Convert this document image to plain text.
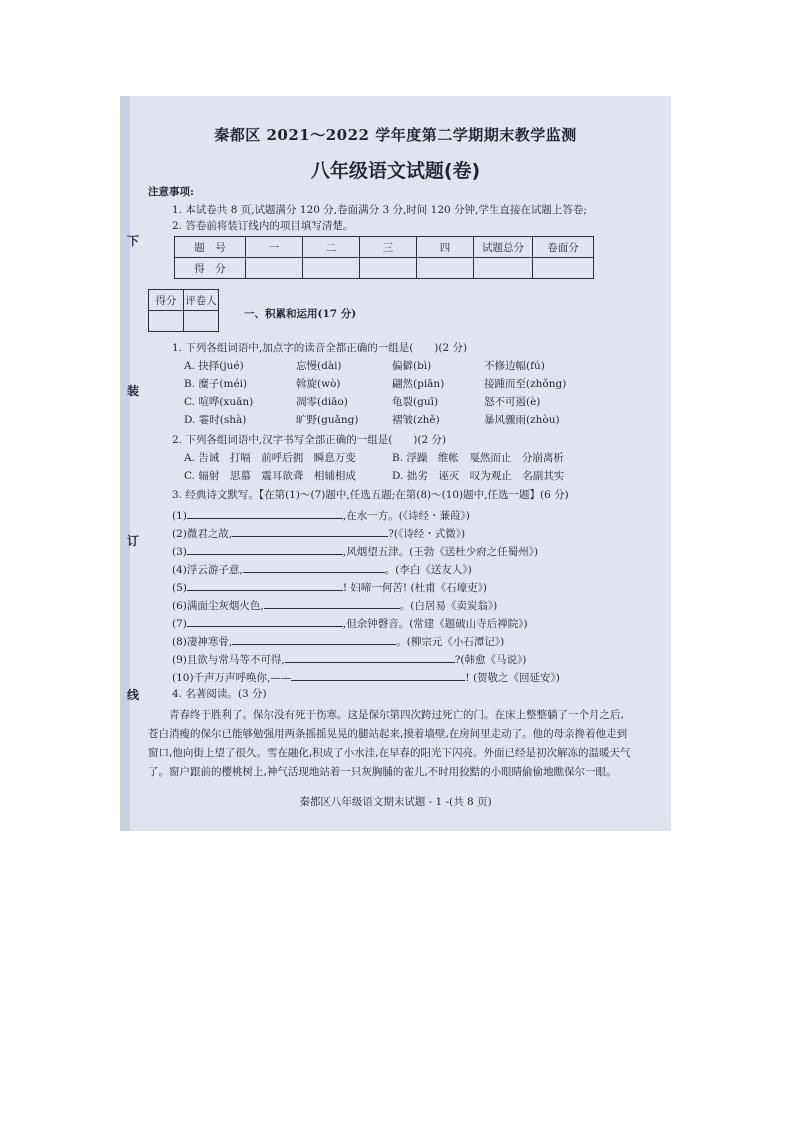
下
装
订
线
秦都区 2021～2022 学年度第二学期期末教学监测
八年级语文试题(卷)
注意事项:
1. 本试卷共 8 页,试题满分 120 分,卷面满分 3 分,时间 120 分钟,学生直接在试题上答卷;
2. 答卷前将装订线内的项目填写清楚。
题　号	一	二	三	四	试题总分	卷面分
得　分						
得分	评卷人

一、积累和运用(17 分)
1. 下列各组词语中,加点字的读音全都正确的一组是(　　)(2 分)
A. 抉择(jué)	忘慢(dài)	偏僻(bì)	不修边幅(fú)
B. 糜子(méi)	斡旋(wò)	翩然(piān)	接踵而至(zhǒng)
C. 喧哗(xuān)	凋零(diāo)	龟裂(guī)	怒不可遏(è)
D. 霎时(shà)	旷野(guǎng)	褶皱(zhě)	暴风骤雨(zhòu)
2. 下列各组词语中,汉字书写全部正确的一组是(　　)(2 分)
A. 告诫　打嗝　前呼后拥　瞬息万变	B. 浮躁　维帐　戛然而止　分崩离析
C. 辐射　思慕　震耳欲聋　相辅相成	D. 拙劣　诬灭　叹为观止　名副其实
3. 经典诗文默写。【在第(1)～(7)题中,任选五题;在第(8)～(10)题中,任选一题】(6 分)
(1)	,在水一方。(《诗经・蒹葭》)
(2)微君之故,	?(《诗经・式微》)
(3)	,风烟望五津。(王勃《送杜少府之任蜀州》)
(4)浮云游子意,	。(李白《送友人》)
(5)	! 妇啼一何苦! (杜甫《石壕吏》)
(6)满面尘灰烟火色,	。(白居易《卖炭翁》)
(7)	,但余钟磬音。(常建《题破山寺后禅院》)
(8)凄神寒骨,	。(柳宗元《小石潭记》)
(9)且欲与常马等不可得,	?(韩愈《马说》)
(10)千声万声呼唤你,——	! (贺敬之《回延安》)
4. 名著阅读。(3 分)
青春终于胜利了。保尔没有死于伤寒。这是保尔第四次跨过死亡的门。在床上整整躺了一个月之后,苍白消瘦的保尔已能够勉强用两条摇摇晃晃的腿站起来,摸着墙壁,在房间里走动了。他的母亲搀着他走到窗口,他向街上望了很久。雪在融化,积成了小水洼,在早春的阳光下闪亮。外面已经是初次解冻的温暖天气了。窗户跟前的樱桃树上,神气活现地站着一只灰胸脯的雀儿,不时用狡黠的小眼睛偷偷地瞧保尔一眼。
秦都区八年级语文期末试题 - 1 -(共 8 页)
